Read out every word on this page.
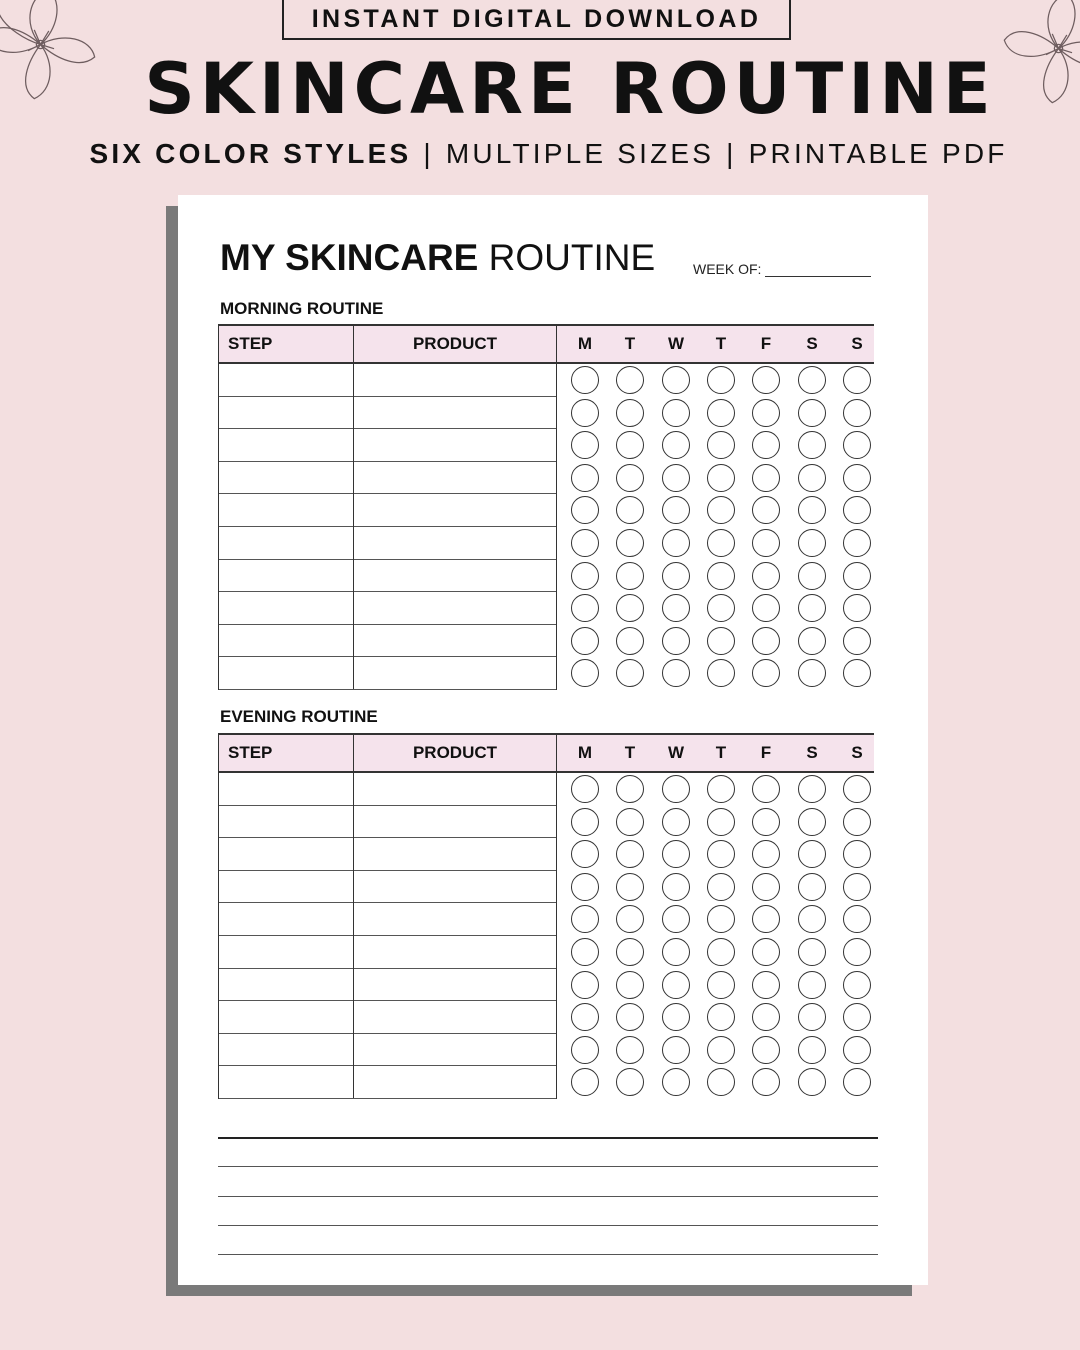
INSTANT DIGITAL DOWNLOAD
SKINCARE ROUTINE
SIX COLOR STYLES | MULTIPLE SIZES | PRINTABLE PDF
MY SKINCARE ROUTINE	WEEK OF:
MORNING ROUTINE
STEP	PRODUCT	M	T	W	T	F	S	S
EVENING ROUTINE
STEP	PRODUCT	M	T	W	T	F	S	S
